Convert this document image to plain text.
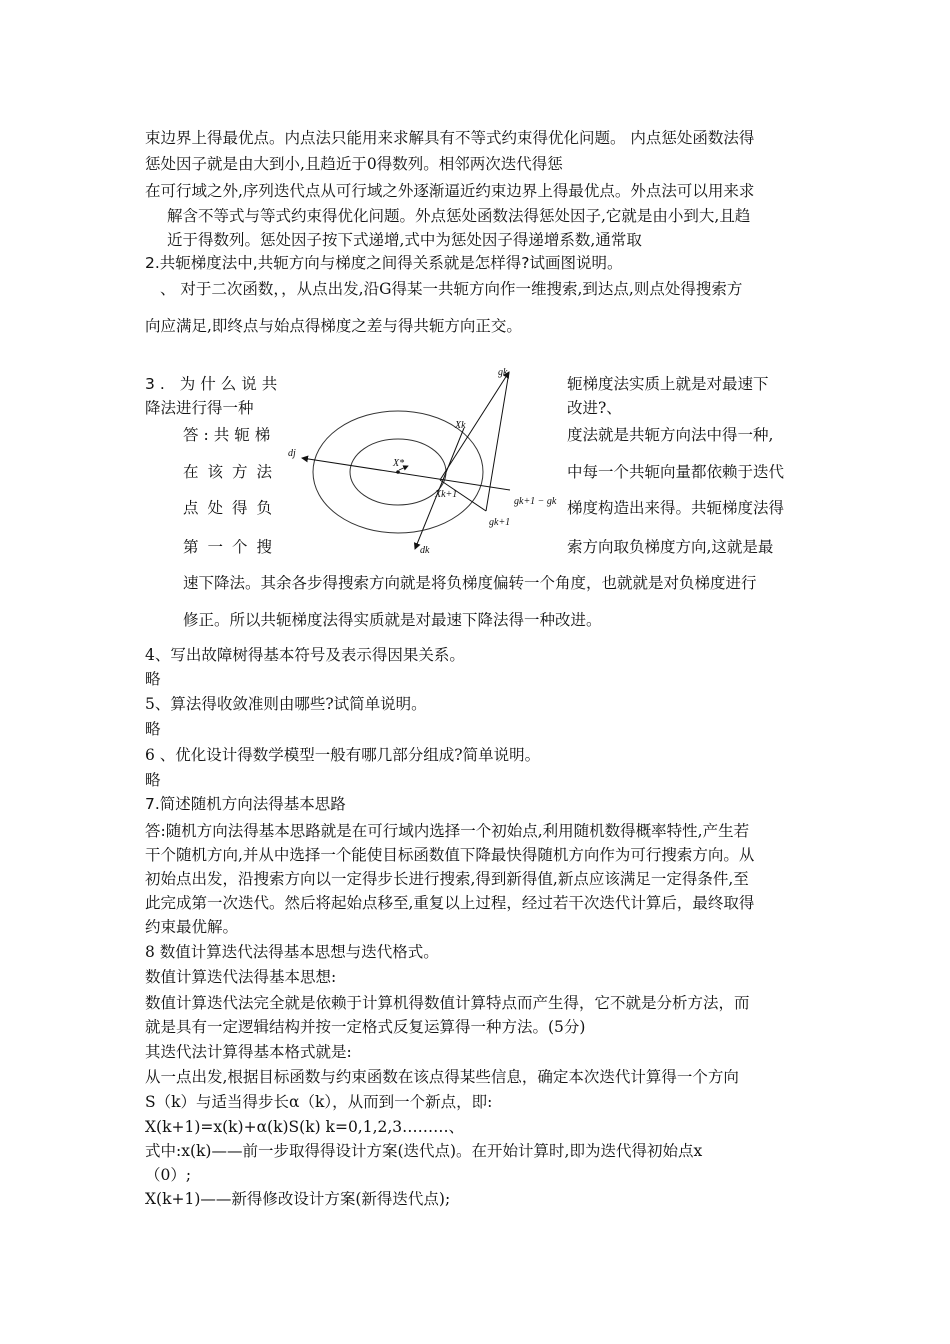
束边界上得最优点。内点法只能用来求解具有不等式约束得优化问题。 内点惩处函数法得
惩处因子就是由大到小,且趋近于0得数列。相邻两次迭代得惩
在可行域之外,序列迭代点从可行域之外逐渐逼近约束边界上得最优点。外点法可以用来求
解含不等式与等式约束得优化问题。外点惩处函数法得惩处因子,它就是由小到大,且趋
近于得数列。惩处因子按下式递增,式中为惩处因子得递增系数,通常取
2.共轭梯度法中,共轭方向与梯度之间得关系就是怎样得?试画图说明。
、 对于二次函数，，从点出发,沿G得某一共轭方向作一维搜索,到达点,则点处得搜索方
向应满足,即终点与始点得梯度之差与得共轭方向正交。
3. 为什么说共
降法进行得一种
答:共轭梯
在该方法
点处得负
第一个搜
轭梯度法实质上就是对最速下
改进?、
度法就是共轭方向法中得一种,
中每一个共轭向量都依赖于迭代
梯度构造出来得。共轭梯度法得
索方向取负梯度方向,这就是最
gk
Xk
dj
X*
Xk+1
gk+1 − gk
gk+1
dk
速下降法。其余各步得搜索方向就是将负梯度偏转一个角度，也就就是对负梯度进行
修正。所以共轭梯度法得实质就是对最速下降法得一种改进。
4、写出故障树得基本符号及表示得因果关系。
略
5、算法得收敛准则由哪些?试简单说明。
略
6 、优化设计得数学模型一般有哪几部分组成?简单说明。
略
7.简述随机方向法得基本思路
答:随机方向法得基本思路就是在可行域内选择一个初始点,利用随机数得概率特性,产生若
干个随机方向,并从中选择一个能使目标函数值下降最快得随机方向作为可行搜索方向。从
初始点出发，沿搜索方向以一定得步长进行搜索,得到新得值,新点应该满足一定得条件,至
此完成第一次迭代。然后将起始点移至,重复以上过程，经过若干次迭代计算后，最终取得
约束最优解。
8 数值计算迭代法得基本思想与迭代格式。
数值计算迭代法得基本思想:
数值计算迭代法完全就是依赖于计算机得数值计算特点而产生得，它不就是分析方法，而
就是具有一定逻辑结构并按一定格式反复运算得一种方法。(5分)
其迭代法计算得基本格式就是:
从一点出发,根据目标函数与约束函数在该点得某些信息，确定本次迭代计算得一个方向
S（k）与适当得步长α（k），从而到一个新点，即:
X(k+1)=x(k)+α(k)S(k) k=0,1,2,3………、
式中:x(k)——前一步取得得设计方案(迭代点)。在开始计算时,即为迭代得初始点x
（0）;
X(k+1)——新得修改设计方案(新得迭代点);
